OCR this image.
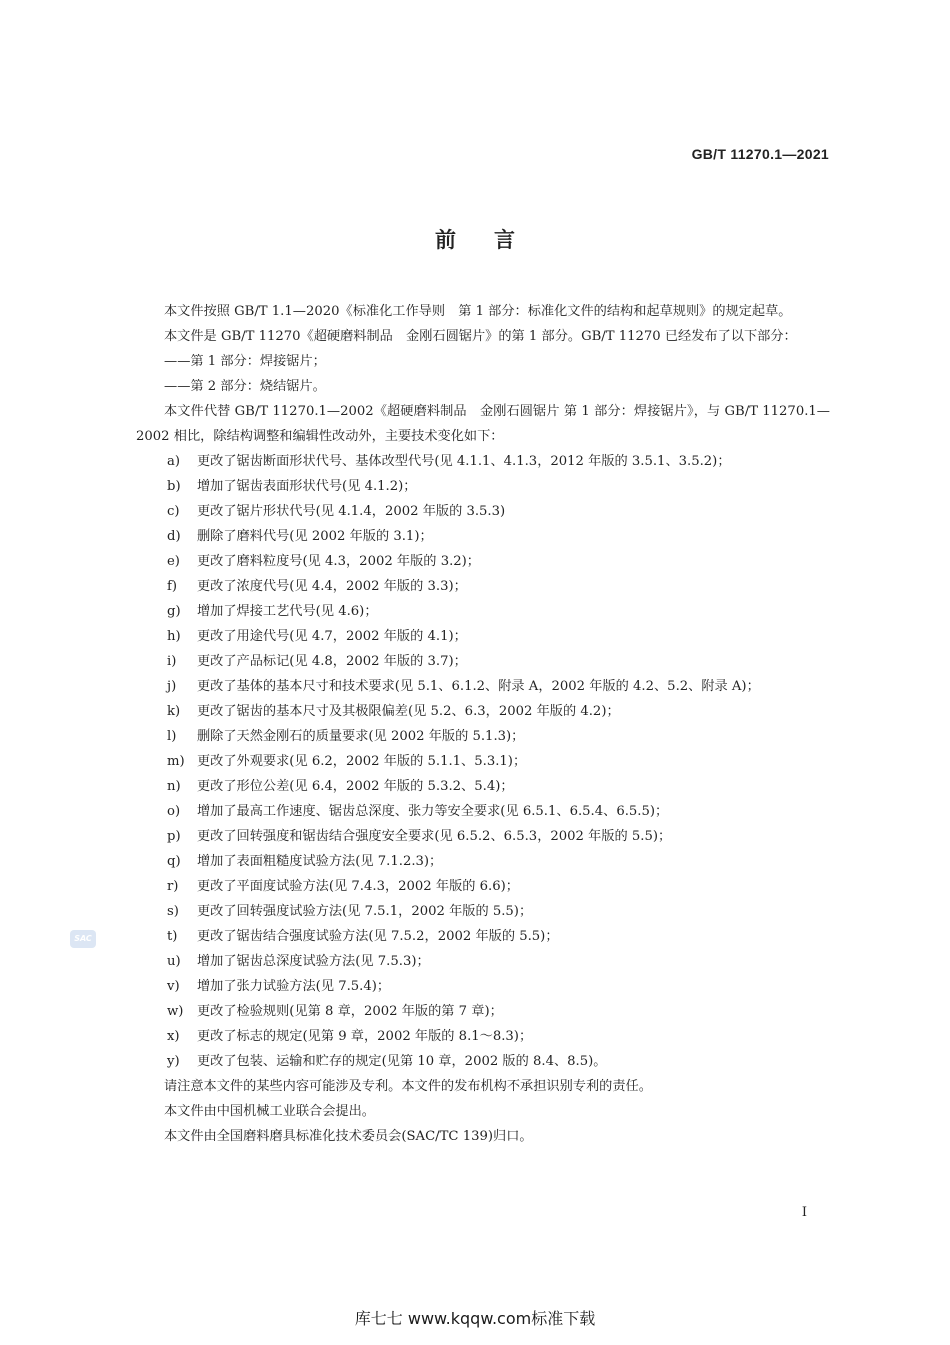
GB/T 11270.1—2021
前言

本文件按照 GB/T 1.1—2020《标准化工作导则　第 1 部分：标准化文件的结构和起草规则》的规定起草。

本文件是 GB/T 11270《超硬磨料制品　金刚石圆锯片》的第 1 部分。GB/T 11270 已经发布了以下部分：

——第 1 部分：焊接锯片；

——第 2 部分：烧结锯片。

本文件代替 GB/T 11270.1—2002《超硬磨料制品　金刚石圆锯片 第 1 部分：焊接锯片》，与 GB/T 11270.1—2002 相比，除结构调整和编辑性改动外，主要技术变化如下：

a) 更改了锯齿断面形状代号、基体改型代号(见 4.1.1、4.1.3，2012 年版的 3.5.1、3.5.2)；

b) 增加了锯齿表面形状代号(见 4.1.2)；

c) 更改了锯片形状代号(见 4.1.4，2002 年版的 3.5.3)

d) 删除了磨料代号(见 2002 年版的 3.1)；

e) 更改了磨料粒度号(见 4.3，2002 年版的 3.2)；

f) 更改了浓度代号(见 4.4，2002 年版的 3.3)；

g) 增加了焊接工艺代号(见 4.6)；

h) 更改了用途代号(见 4.7，2002 年版的 4.1)；

i) 更改了产品标记(见 4.8，2002 年版的 3.7)；

j) 更改了基体的基本尺寸和技术要求(见 5.1、6.1.2、附录 A，2002 年版的 4.2、5.2、附录 A)；

k) 更改了锯齿的基本尺寸及其极限偏差(见 5.2、6.3，2002 年版的 4.2)；

l) 删除了天然金刚石的质量要求(见 2002 年版的 5.1.3)；

m) 更改了外观要求(见 6.2，2002 年版的 5.1.1、5.3.1)；

n) 更改了形位公差(见 6.4，2002 年版的 5.3.2、5.4)；

o) 增加了最高工作速度、锯齿总深度、张力等安全要求(见 6.5.1、6.5.4、6.5.5)；

p) 更改了回转强度和锯齿结合强度安全要求(见 6.5.2、6.5.3，2002 年版的 5.5)；

q) 增加了表面粗糙度试验方法(见 7.1.2.3)；

r) 更改了平面度试验方法(见 7.4.3，2002 年版的 6.6)；

s) 更改了回转强度试验方法(见 7.5.1，2002 年版的 5.5)；

t) 更改了锯齿结合强度试验方法(见 7.5.2，2002 年版的 5.5)；

u) 增加了锯齿总深度试验方法(见 7.5.3)；

v) 增加了张力试验方法(见 7.5.4)；

w) 更改了检验规则(见第 8 章，2002 年版的第 7 章)；

x) 更改了标志的规定(见第 9 章，2002 年版的 8.1～8.3)；

y) 更改了包装、运输和贮存的规定(见第 10 章，2002 版的 8.4、8.5)。

请注意本文件的某些内容可能涉及专利。本文件的发布机构不承担识别专利的责任。

本文件由中国机械工业联合会提出。

本文件由全国磨料磨具标准化技术委员会(SAC/TC 139)归口。

I
SAC
库七七 www.kqqw.com标准下载
